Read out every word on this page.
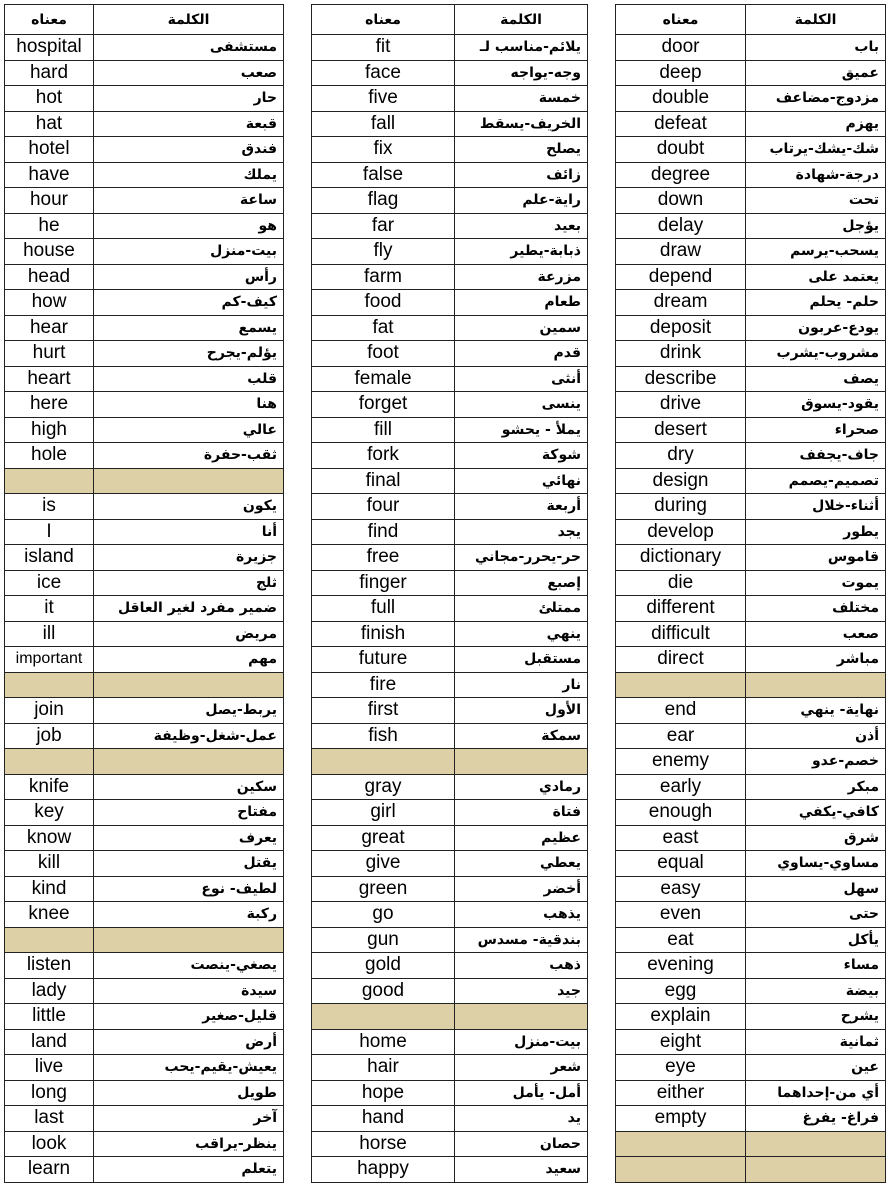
معناه	الكلمة
hospital	مستشفى
hard	صعب
hot	حار
hat	قبعة
hotel	فندق
have	يملك
hour	ساعة
he	هو
house	بيت-منزل
head	رأس
how	كيف-كم
hear	يسمع
hurt	يؤلم-يجرح
heart	قلب
here	هنا
high	عالي
hole	ثقب-حفرة

is	يكون
I	أنا
island	جزيرة
ice	ثلج
it	ضمير مفرد لغير العاقل
ill	مريض
important	مهم

join	يربط-يصل
job	عمل-شغل-وظيفة

knife	سكين
key	مفتاح
know	يعرف
kill	يقتل
kind	لطيف- نوع
knee	ركبة

listen	يصغي-ينصت
lady	سيدة
little	قليل-صغير
land	أرض
live	يعيش-يقيم-يحب
long	طويل
last	آخر
look	ينظر-يراقب
learn	يتعلم
معناه	الكلمة
fit	يلائم-مناسب لـ
face	وجه-يواجه
five	خمسة
fall	الخريف-يسقط
fix	يصلح
false	زائف
flag	راية-علم
far	بعيد
fly	ذبابة-يطير
farm	مزرعة
food	طعام
fat	سمين
foot	قدم
female	أنثى
forget	ينسى
fill	يملأ - يحشو
fork	شوكة
final	نهائي
four	أربعة
find	يجد
free	حر-يحرر-مجاني
finger	إصبع
full	ممتلئ
finish	ينهي
future	مستقبل
fire	نار
first	الأول
fish	سمكة

gray	رمادي
girl	فتاة
great	عظيم
give	يعطي
green	أخضر
go	يذهب
gun	بندقية- مسدس
gold	ذهب
good	جيد

home	بيت-منزل
hair	شعر
hope	أمل- يأمل
hand	يد
horse	حصان
happy	سعيد
معناه	الكلمة
door	باب
deep	عميق
double	مزدوج-مضاعف
defeat	يهزم
doubt	شك-يشك-يرتاب
degree	درجة-شهادة
down	تحت
delay	يؤجل
draw	يسحب-يرسم
depend	يعتمد على
dream	حلم- يحلم
deposit	يودع-عربون
drink	مشروب-يشرب
describe	يصف
drive	يقود-يسوق
desert	صحراء
dry	جاف-يجفف
design	تصميم-يصمم
during	أثناء-خلال
develop	يطور
dictionary	قاموس
die	يموت
different	مختلف
difficult	صعب
direct	مباشر

end	نهاية- ينهي
ear	أذن
enemy	خصم-عدو
early	مبكر
enough	كافي-يكفي
east	شرق
equal	مساوي-يساوي
easy	سهل
even	حتى
eat	يأكل
evening	مساء
egg	بيضة
explain	يشرح
eight	ثمانية
eye	عين
either	أي من-إحداهما
empty	فراغ- يفرغ
